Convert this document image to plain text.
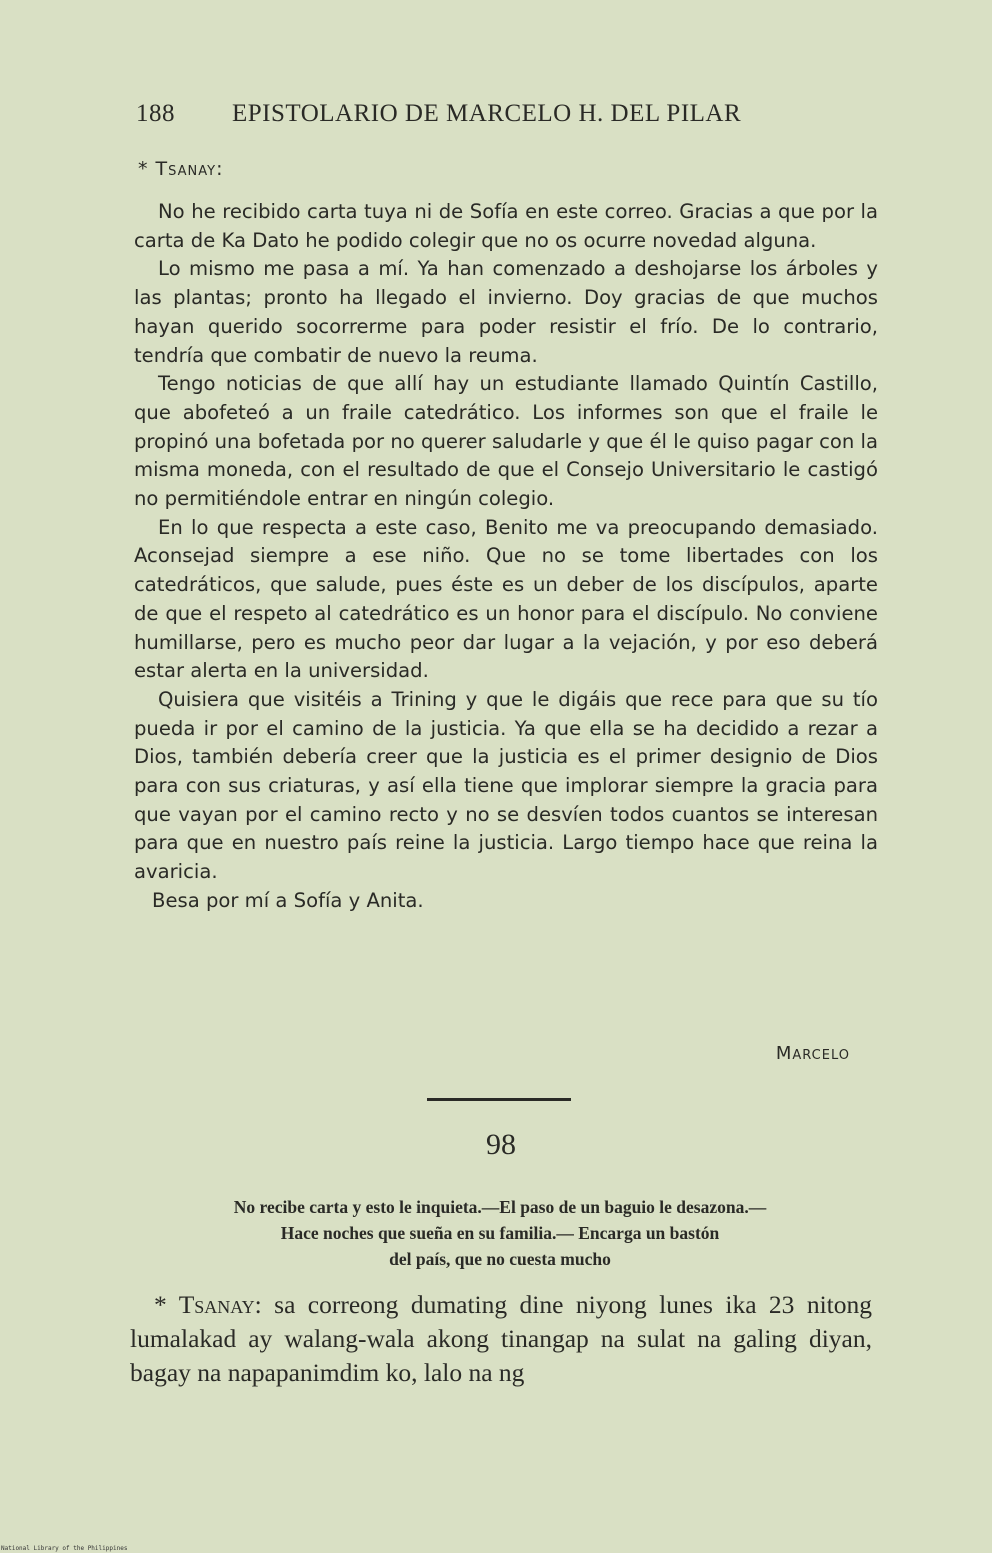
188 EPISTOLARIO DE MARCELO H. DEL PILAR
* Tsanay:

No he recibido carta tuya ni de Sofía en este correo. Gracias a que por la carta de Ka Dato he podido colegir que no os ocurre novedad alguna.

Lo mismo me pasa a mí. Ya han comenzado a deshojarse los árboles y las plantas; pronto ha llegado el invierno. Doy gracias de que muchos hayan querido socorrerme para poder resistir el frío. De lo contrario, tendría que combatir de nuevo la reuma.

Tengo noticias de que allí hay un estudiante llamado Quintín Castillo, que abofeteó a un fraile catedrático. Los informes son que el fraile le propinó una bofetada por no querer saludarle y que él le quiso pagar con la misma moneda, con el resultado de que el Consejo Universitario le castigó no permitiéndole entrar en ningún colegio.

En lo que respecta a este caso, Benito me va preocupando demasiado. Aconsejad siempre a ese niño. Que no se tome libertades con los catedráticos, que salude, pues éste es un deber de los discípulos, aparte de que el respeto al catedrático es un honor para el discípulo. No conviene humillarse, pero es mucho peor dar lugar a la vejación, y por eso deberá estar alerta en la universidad.

Quisiera que visitéis a Trining y que le digáis que rece para que su tío pueda ir por el camino de la justicia. Ya que ella se ha decidido a rezar a Dios, también debería creer que la justicia es el primer designio de Dios para con sus criaturas, y así ella tiene que implorar siempre la gracia para que vayan por el camino recto y no se desvíen todos cuantos se interesan para que en nuestro país reine la justicia. Largo tiempo hace que reina la avaricia.

Besa por mí a Sofía y Anita.

Marcelo
98
No recibe carta y esto le inquieta.—El paso de un baguio le desazona.—
Hace noches que sueña en su familia.— Encarga un bastón
del país, que no cuesta mucho

* Tsanay: sa correong dumating dine niyong lunes ika 23 nitong lumalakad ay walang-wala akong tinangap na sulat na galing diyan, bagay na napapanimdim ko, lalo na ng

National Library of the Philippines
